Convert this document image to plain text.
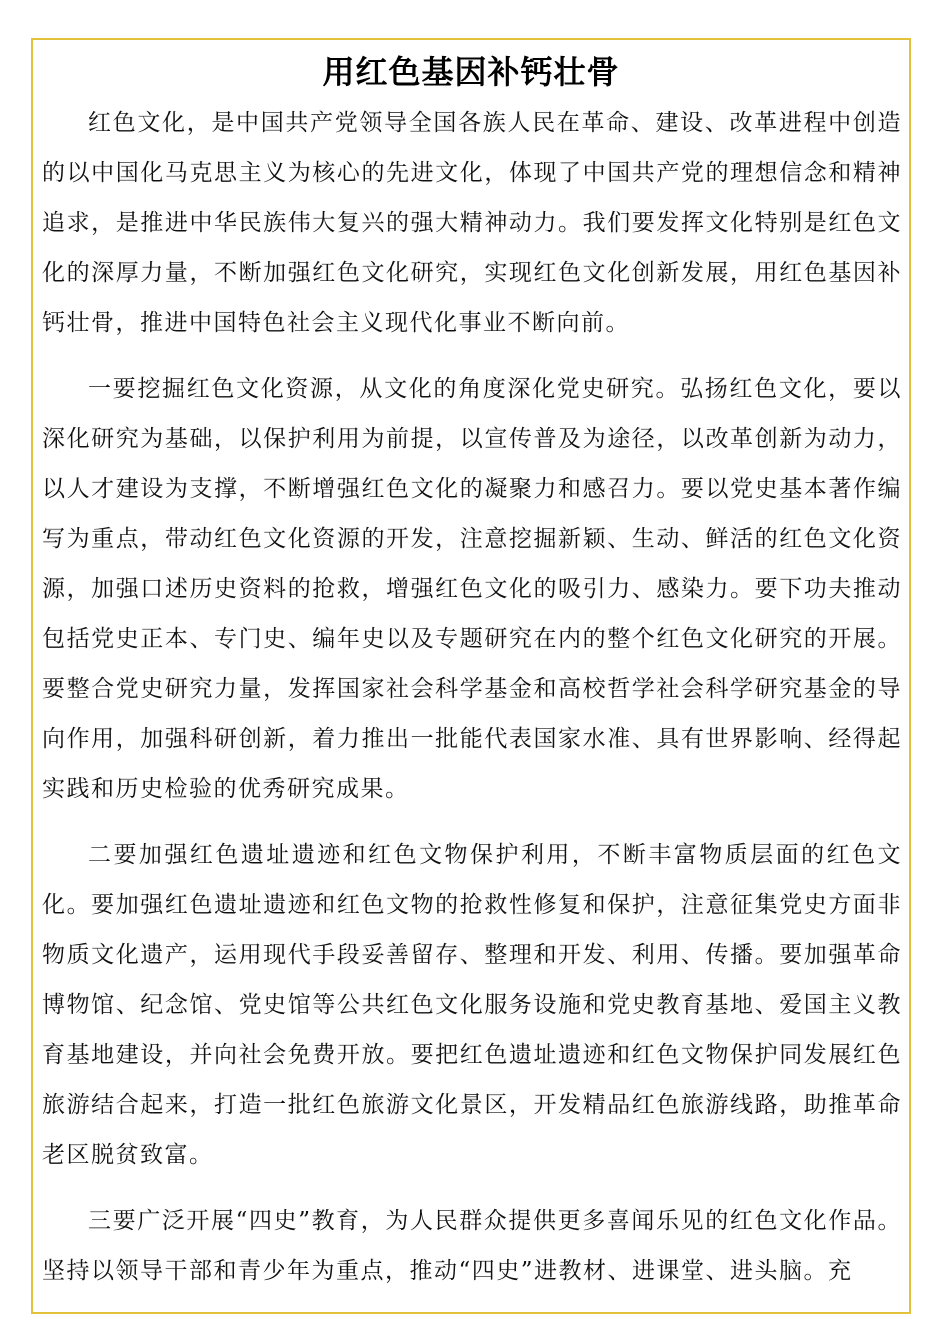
用红色基因补钙壮骨

红色文化，是中国共产党领导全国各族人民在革命、建设、改革进程中创造的以中国化马克思主义为核心的先进文化，体现了中国共产党的理想信念和精神追求，是推进中华民族伟大复兴的强大精神动力。我们要发挥文化特别是红色文化的深厚力量，不断加强红色文化研究，实现红色文化创新发展，用红色基因补钙壮骨，推进中国特色社会主义现代化事业不断向前。

一要挖掘红色文化资源，从文化的角度深化党史研究。弘扬红色文化，要以深化研究为基础，以保护利用为前提，以宣传普及为途径，以改革创新为动力，以人才建设为支撑，不断增强红色文化的凝聚力和感召力。要以党史基本著作编写为重点，带动红色文化资源的开发，注意挖掘新颖、生动、鲜活的红色文化资源，加强口述历史资料的抢救，增强红色文化的吸引力、感染力。要下功夫推动包括党史正本、专门史、编年史以及专题研究在内的整个红色文化研究的开展。要整合党史研究力量，发挥国家社会科学基金和高校哲学社会科学研究基金的导向作用，加强科研创新，着力推出一批能代表国家水准、具有世界影响、经得起实践和历史检验的优秀研究成果。

二要加强红色遗址遗迹和红色文物保护利用，不断丰富物质层面的红色文化。要加强红色遗址遗迹和红色文物的抢救性修复和保护，注意征集党史方面非物质文化遗产，运用现代手段妥善留存、整理和开发、利用、传播。要加强革命博物馆、纪念馆、党史馆等公共红色文化服务设施和党史教育基地、爱国主义教育基地建设，并向社会免费开放。要把红色遗址遗迹和红色文物保护同发展红色旅游结合起来，打造一批红色旅游文化景区，开发精品红色旅游线路，助推革命老区脱贫致富。

三要广泛开展“四史”教育，为人民群众提供更多喜闻乐见的红色文化作品。坚持以领导干部和青少年为重点，推动“四史”进教材、进课堂、进头脑。充
